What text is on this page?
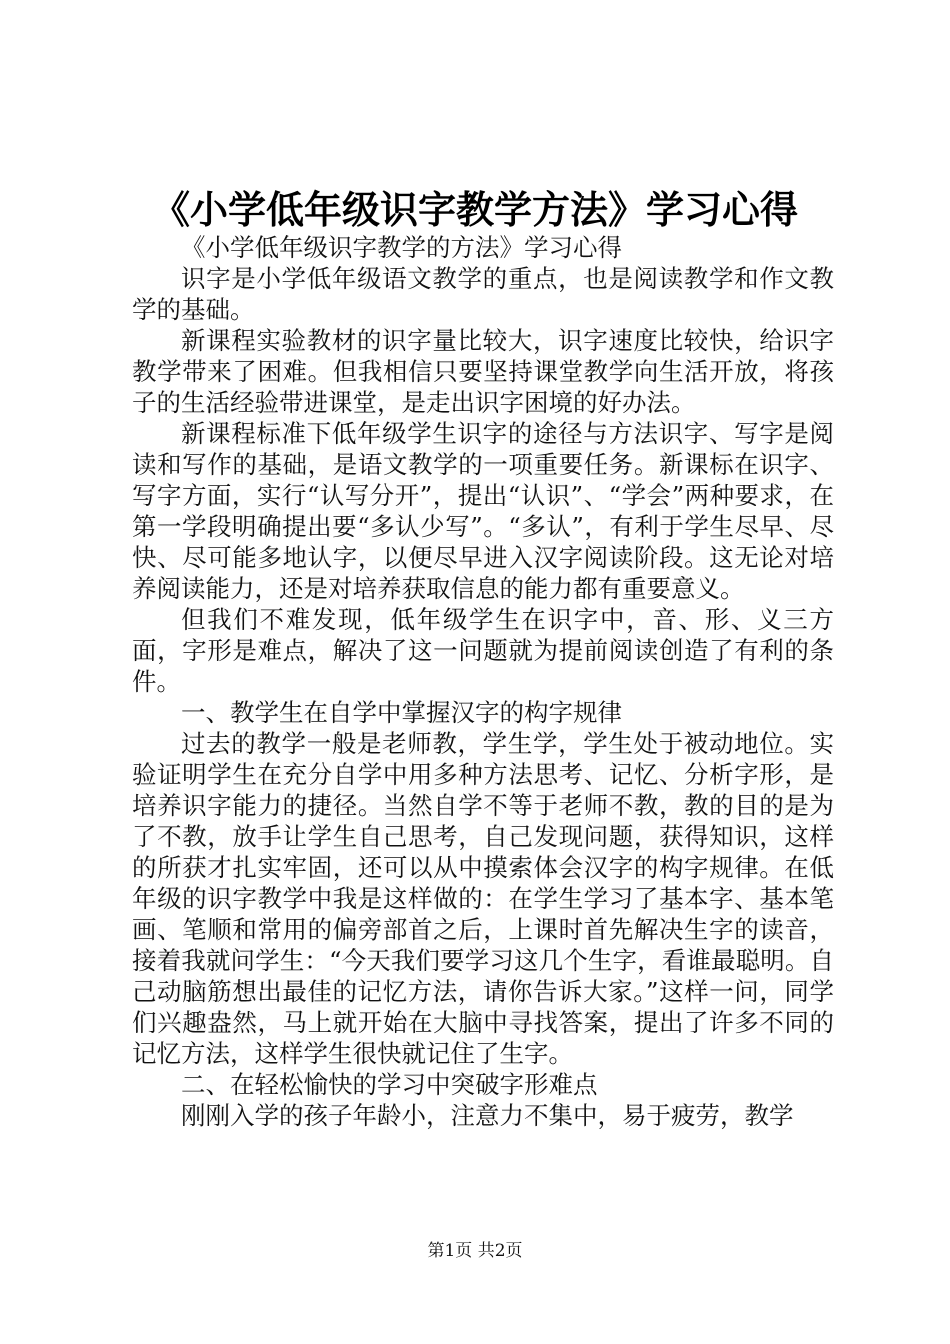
《小学低年级识字教学方法》学习心得

《小学低年级识字教学的方法》学习心得

识字是小学低年级语文教学的重点，也是阅读教学和作文教学的基础。

新课程实验教材的识字量比较大，识字速度比较快，给识字教学带来了困难。但我相信只要坚持课堂教学向生活开放，将孩子的生活经验带进课堂，是走出识字困境的好办法。

新课程标准下低年级学生识字的途径与方法识字、写字是阅读和写作的基础，是语文教学的一项重要任务。新课标在识字、写字方面，实行“认写分开”，提出“认识”、“学会”两种要求，在第一学段明确提出要“多认少写”。“多认”，有利于学生尽早、尽快、尽可能多地认字，以便尽早进入汉字阅读阶段。这无论对培养阅读能力，还是对培养获取信息的能力都有重要意义。

但我们不难发现，低年级学生在识字中，音、形、义三方面，字形是难点，解决了这一问题就为提前阅读创造了有利的条件。

一、教学生在自学中掌握汉字的构字规律

过去的教学一般是老师教，学生学，学生处于被动地位。实验证明学生在充分自学中用多种方法思考、记忆、分析字形，是培养识字能力的捷径。当然自学不等于老师不教，教的目的是为了不教，放手让学生自己思考，自己发现问题，获得知识，这样的所获才扎实牢固，还可以从中摸索体会汉字的构字规律。在低年级的识字教学中我是这样做的：在学生学习了基本字、基本笔画、笔顺和常用的偏旁部首之后，上课时首先解决生字的读音，接着我就问学生：“今天我们要学习这几个生字，看谁最聪明。自己动脑筋想出最佳的记忆方法，请你告诉大家。”这样一问，同学们兴趣盎然，马上就开始在大脑中寻找答案，提出了许多不同的记忆方法，这样学生很快就记住了生字。

二、在轻松愉快的学习中突破字形难点

刚刚入学的孩子年龄小，注意力不集中，易于疲劳，教学

第1页 共2页
